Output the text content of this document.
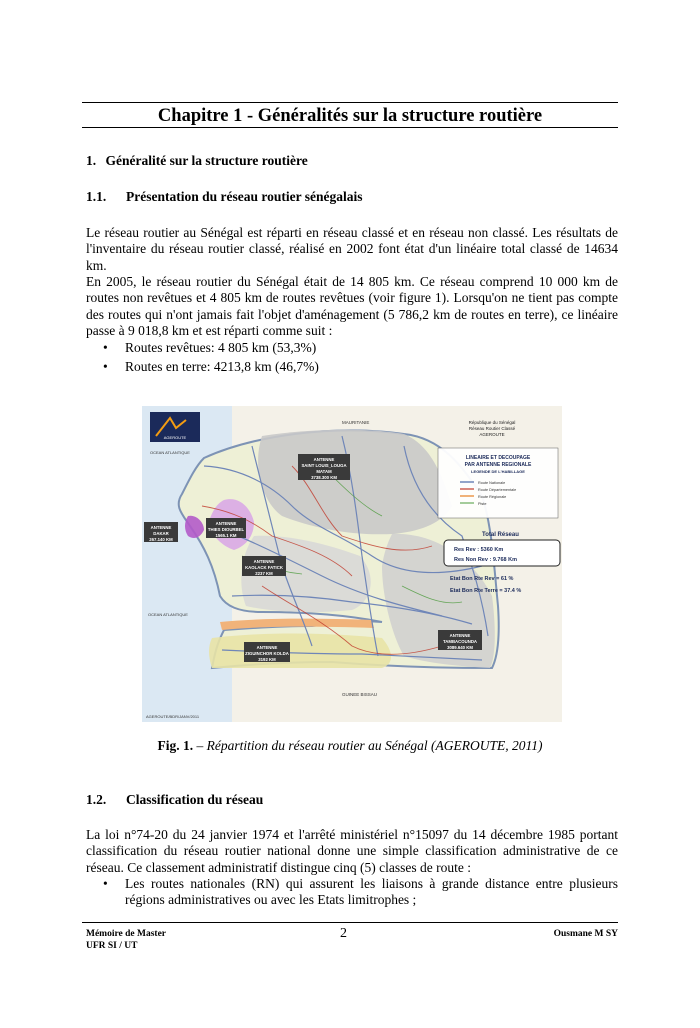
Chapitre 1 - Généralités sur la structure routière
1. Généralité sur la structure routière
1.1. Présentation du réseau routier sénégalais

Le réseau routier au Sénégal est réparti en réseau classé et en réseau non classé. Les résultats de l'inventaire du réseau routier classé, réalisé en 2002 font état d'un linéaire total classé de 14634 km.

En 2005, le réseau routier du Sénégal était de 14 805 km. Ce réseau comprend 10 000 km de routes non revêtues et 4 805 km de routes revêtues (voir figure 1). Lorsqu'on ne tient pas compte des routes qui n'ont jamais fait l'objet d'aménagement (5 786,2 km de routes en terre), ce linéaire passe à 9 018,8 km et est réparti comme suit :

• Routes revêtues: 4 805 km (53,3%)
• Routes en terre: 4213,8 km (46,7%)
AGEROUTE
OCEAN ATLANTIQUE
OCEAN ATLANTIQUE
MAURITANIE
GUINEE BISSAU
ANTENNE
SAINT LOUIS_LOUGA
MATAM
3738.300 KM
ANTENNE
DAKAR
267.140 KM
ANTENNE
THIES DIOURBEL
1565.1 KM
ANTENNE
KAOLACK FATICK
2237 KM
ANTENNE
ZIGUINCHOR KOLDA
3192 KM
ANTENNE
TAMBACOUNDA
3089.640 KM
République du Sénégal
Réseau Routier Classé
AGEROUTE
LINEAIRE ET DECOUPAGE
PAR ANTENNE REGIONALE
LEGENDE DE L'HABILLAGE
Route Nationale
Route Départementale
Route Régionale
Piste
Total Réseau
Res Rev : 5360 Km
Res Non Rev : 9.768 Km
Etat Bon Rte Rev = 61 %
Etat Bon Rte Terre = 37.4 %
AGEROUTE/BDR/JANV/2011

Fig. 1. – Répartition du réseau routier au Sénégal (AGEROUTE, 2011)

1.2. Classification du réseau

La loi n°74-20 du 24 janvier 1974 et l'arrêté ministériel n°15097 du 14 décembre 1985 portant classification du réseau routier national donne une simple classification administrative de ce réseau. Ce classement administratif distingue cinq (5) classes de route :

• Les routes nationales (RN) qui assurent les liaisons à grande distance entre plusieurs régions administratives ou avec les Etats limitrophes ;

Mémoire de Master

UFR SI / UT

2	Ousmane M SY
